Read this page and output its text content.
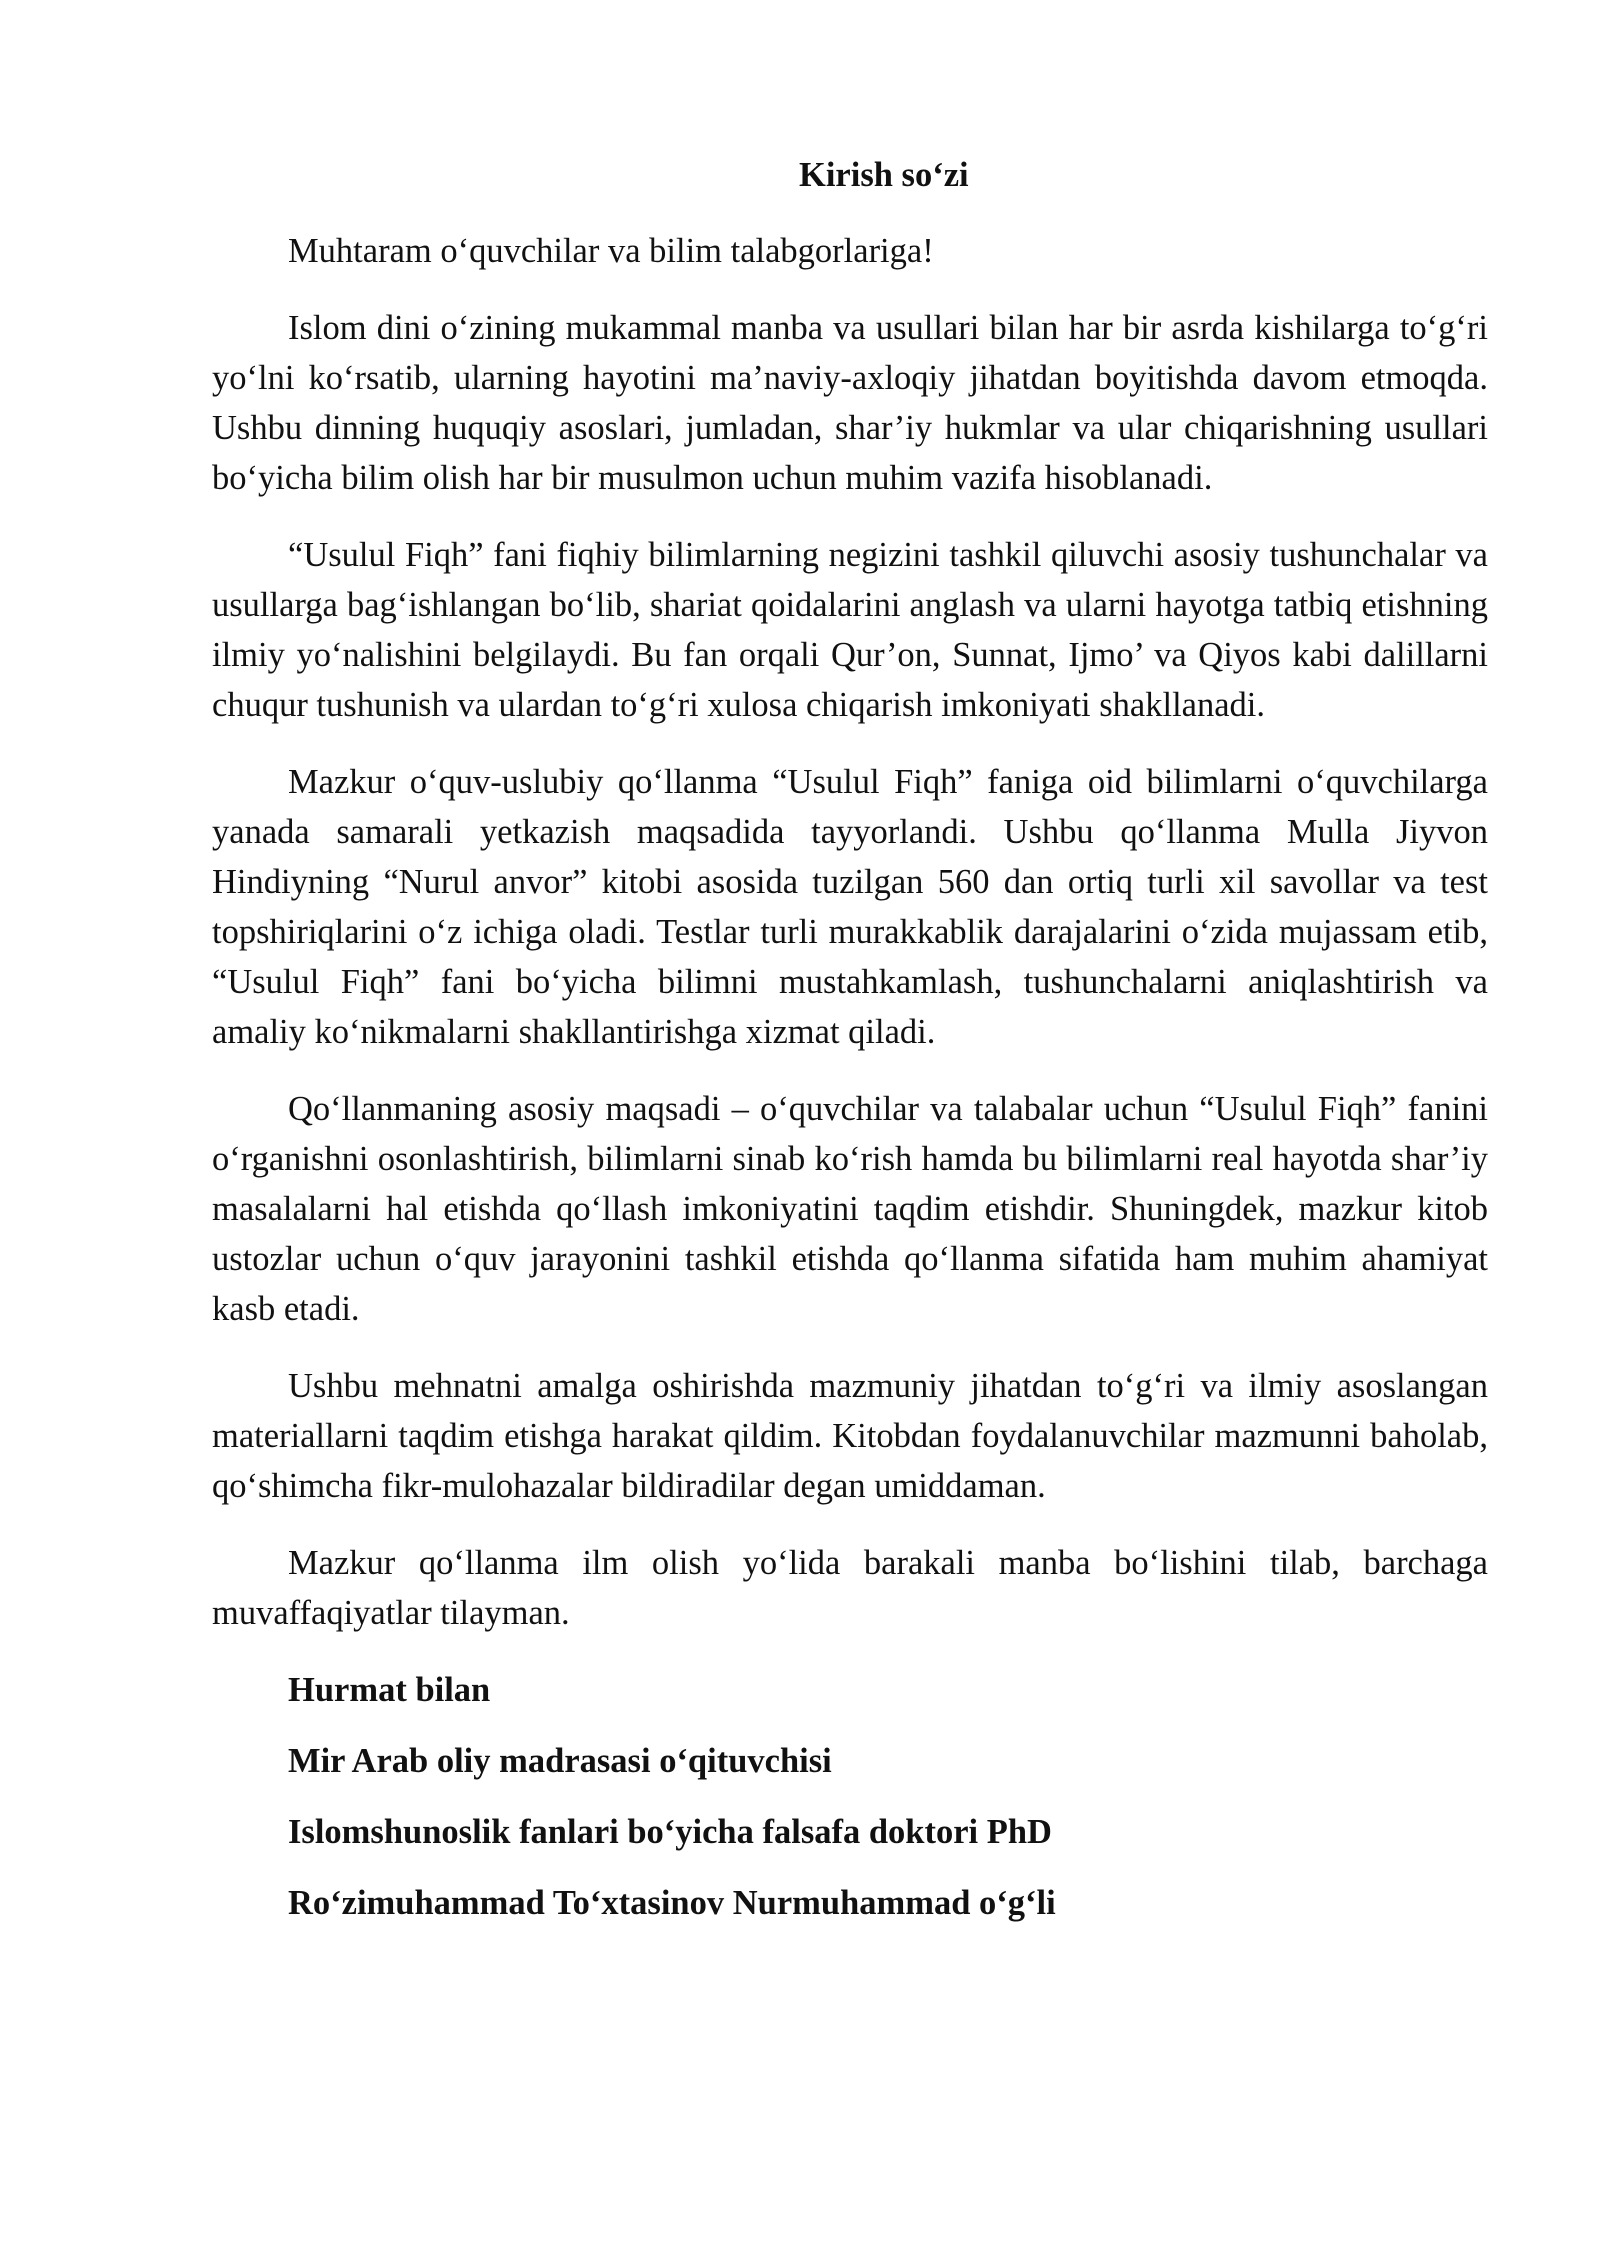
Kirish so‘zi

Muhtaram o‘quvchilar va bilim talabgorlariga!

Islom dini o‘zining mukammal manba va usullari bilan har bir asrda kishilarga to‘g‘ri yo‘lni ko‘rsatib, ularning hayotini ma’naviy-axloqiy jihatdan boyitishda davom etmoqda. Ushbu dinning huquqiy asoslari, jumladan, shar’iy hukmlar va ular chiqarishning usullari bo‘yicha bilim olish har bir musulmon uchun muhim vazifa hisoblanadi.

“Usulul Fiqh” fani fiqhiy bilimlarning negizini tashkil qiluvchi asosiy tushunchalar va usullarga bag‘ishlangan bo‘lib, shariat qoidalarini anglash va ularni hayotga tatbiq etishning ilmiy yo‘nalishini belgilaydi. Bu fan orqali Qur’on, Sunnat, Ijmo’ va Qiyos kabi dalillarni chuqur tushunish va ulardan to‘g‘ri xulosa chiqarish imkoniyati shakllanadi.

Mazkur o‘quv-uslubiy qo‘llanma “Usulul Fiqh” faniga oid bilimlarni o‘quvchilarga yanada samarali yetkazish maqsadida tayyorlandi. Ushbu qo‘llanma Mulla Jiyvon Hindiyning “Nurul anvor” kitobi asosida tuzilgan 560 dan ortiq turli xil savollar va test topshiriqlarini o‘z ichiga oladi. Testlar turli murakkablik darajalarini o‘zida mujassam etib, “Usulul Fiqh” fani bo‘yicha bilimni mustahkamlash, tushunchalarni aniqlashtirish va amaliy ko‘nikmalarni shakllantirishga xizmat qiladi.

Qo‘llanmaning asosiy maqsadi – o‘quvchilar va talabalar uchun “Usulul Fiqh” fanini o‘rganishni osonlashtirish, bilimlarni sinab ko‘rish hamda bu bilimlarni real hayotda shar’iy masalalarni hal etishda qo‘llash imkoniyatini taqdim etishdir. Shuningdek, mazkur kitob ustozlar uchun o‘quv jarayonini tashkil etishda qo‘llanma sifatida ham muhim ahamiyat kasb etadi.

Ushbu mehnatni amalga oshirishda mazmuniy jihatdan to‘g‘ri va ilmiy asoslangan materiallarni taqdim etishga harakat qildim. Kitobdan foydalanuvchilar mazmunni baholab, qo‘shimcha fikr-mulohazalar bildiradilar degan umiddaman.

Mazkur qo‘llanma ilm olish yo‘lida barakali manba bo‘lishini tilab, barchaga muvaffaqiyatlar tilayman.

Hurmat bilan

Mir Arab oliy madrasasi o‘qituvchisi

Islomshunoslik fanlari bo‘yicha falsafa doktori PhD

Ro‘zimuhammad To‘xtasinov Nurmuhammad o‘g‘li
